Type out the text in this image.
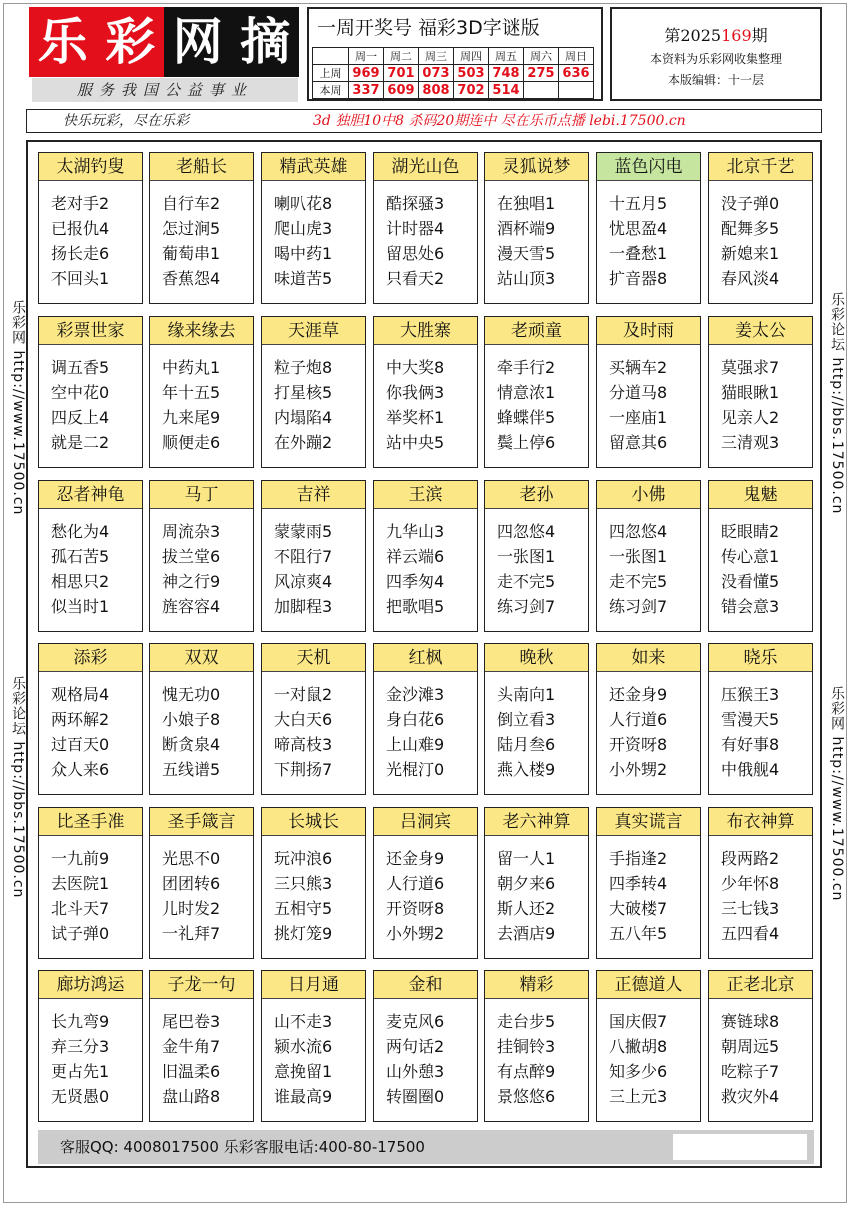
乐 彩 网 摘
服务我国公益事业
一周开奖号 福彩3D字谜版
	周一	周二	周三	周四	周五	周六	周日
上周	969	701	073	503	748	275	636
本周	337	609	808	702	514		
第2025169期
本资料为乐彩网收集整理
本版编辑：十一层
快乐玩彩，尽在乐彩	3d 独胆10中8 杀码20期连中 尽在乐币点播 lebi.17500.cn
乐彩网 http://www.17500.cn
乐彩论坛 http://bbs.17500.cn
乐彩论坛 http://bbs.17500.cn
乐彩网 http://www.17500.cn
客服QQ: 4008017500 乐彩客服电话:400-80-17500
太湖钓叟
老对手2
已报仇4
扬长走6
不回头1
老船长
自行车2
怎过涧5
葡萄串1
香蕉怨4
精武英雄
喇叭花8
爬山虎3
喝中药1
味道苦5
湖光山色
酷探骚3
计时器4
留思处6
只看天2
灵狐说梦
在独唱1
酒杯端9
漫天雪5
站山顶3
蓝色闪电
十五月5
忧思盈4
一叠愁1
扩音器8
北京千艺
没子弹0
配舞多5
新媳来1
春风淡4
彩票世家
调五香5
空中花0
四反上4
就是二2
缘来缘去
中药丸1
年十五5
九来尾9
顺便走6
天涯草
粒子炮8
打星核5
内塌陷4
在外蹦2
大胜寨
中大奖8
你我俩3
举奖杯1
站中央5
老顽童
牵手行2
情意浓1
蜂蝶伴5
鬓上停6
及时雨
买辆车2
分道马8
一座庙1
留意其6
姜太公
莫强求7
猫眼瞅1
见亲人2
三清观3
忍者神龟
愁化为4
孤石苦5
相思只2
似当时1
马丁
周流杂3
拔兰堂6
神之行9
旌容容4
吉祥
蒙蒙雨5
不阻行7
风凉爽4
加脚程3
王滨
九华山3
祥云端6
四季匆4
把歌唱5
老孙
四忽悠4
一张图1
走不完5
练习剑7
小佛
四忽悠4
一张图1
走不完5
练习剑7
鬼魅
眨眼睛2
传心意1
没看懂5
错会意3
添彩
观格局4
两环解2
过百天0
众人来6
双双
愧无功0
小娘子8
断贪泉4
五线谱5
天机
一对鼠2
大白天6
啼高枝3
下荆扬7
红枫
金沙滩3
身白花6
上山难9
光棍汀0
晚秋
头南向1
倒立看3
陆月叁6
燕入楼9
如来
还金身9
人行道6
开资呀8
小外甥2
晓乐
压猴王3
雪漫天5
有好事8
中俄舰4
比圣手准
一九前9
去医院1
北斗天7
试子弹0
圣手箴言
光思不0
团团转6
儿时发2
一礼拜7
长城长
玩冲浪6
三只熊3
五相守5
挑灯笼9
吕洞宾
还金身9
人行道6
开资呀8
小外甥2
老六神算
留一人1
朝夕来6
斯人还2
去酒店9
真实谎言
手指逢2
四季转4
大破楼7
五八年5
布衣神算
段两路2
少年怀8
三七钱3
五四看4
廊坊鸿运
长九弯9
弃三分3
更占先1
无贤愚0
子龙一句
尾巴卷3
金牛角7
旧温柔6
盘山路8
日月通
山不走3
颍水流6
意挽留1
谁最高9
金和
麦克风6
两句话2
山外憩3
转圈圈0
精彩
走台步5
挂铜铃3
有点醉9
景悠悠6
正德道人
国庆假7
八撇胡8
知多少6
三上元3
正老北京
赛链球8
朝周远5
吃粽子7
救灾外4
